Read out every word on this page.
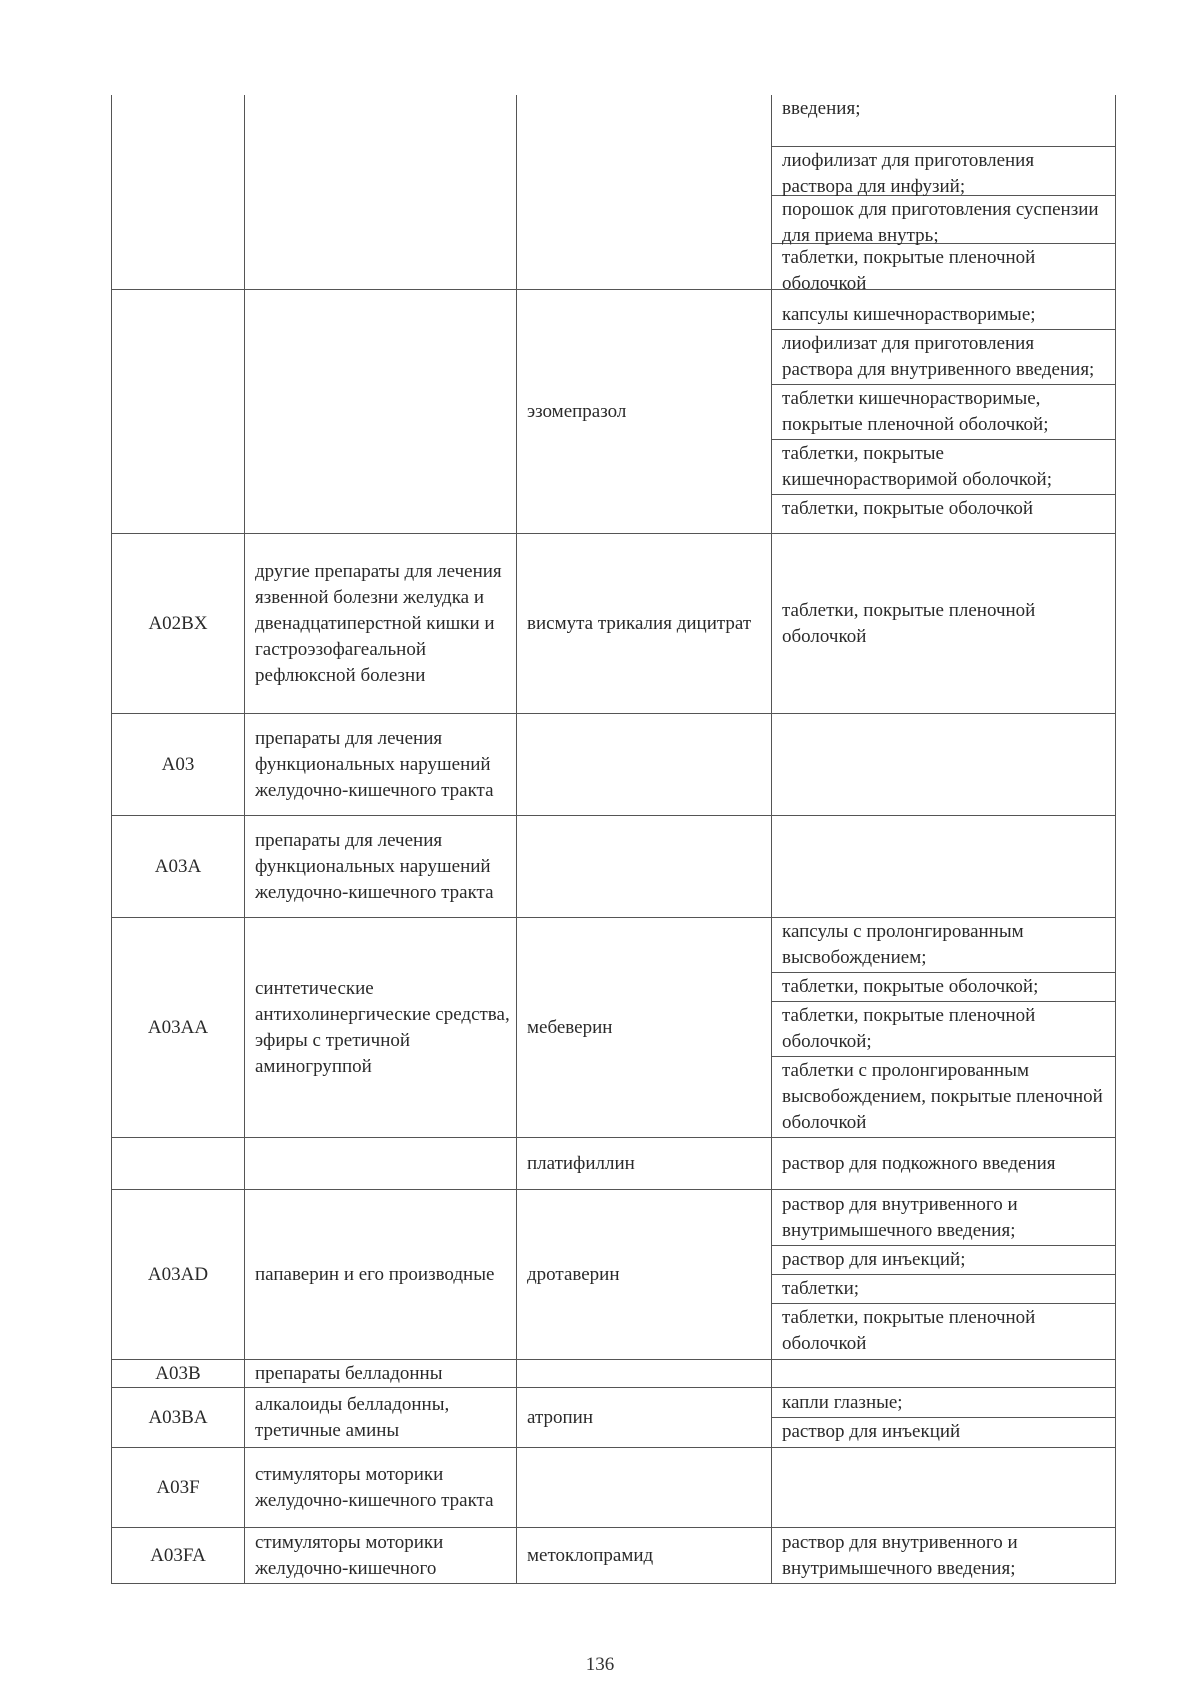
			введения;
лиофилизат для приготовления раствора для инфузий;
порошок для приготовления суспензии для приема внутрь;
таблетки, покрытые пленочной оболочкой

		эзомепразол	капсулы кишечнорастворимые;
лиофилизат для приготовления раствора для внутривенного введения;
таблетки кишечнорастворимые, покрытые пленочной оболочкой;
таблетки, покрытые кишечнорастворимой оболочкой;
таблетки, покрытые оболочкой

A02BX	другие препараты для лечения язвенной болезни желудка и двенадцатиперстной кишки и гастроэзофагеальной рефлюксной болезни	висмута трикалия дицитрат	таблетки, покрытые пленочной оболочкой

A03	препараты для лечения функциональных нарушений желудочно-кишечного тракта		
A03A	препараты для лечения функциональных нарушений желудочно-кишечного тракта		
A03AA	синтетические антихолинергические средства, эфиры с третичной аминогруппой	мебеверин	капсулы с пролонгированным высвобождением;
таблетки, покрытые оболочкой;
таблетки, покрытые пленочной оболочкой;
таблетки с пролонгированным высвобождением, покрытые пленочной оболочкой

		платифиллин	раствор для подкожного введения

A03AD	папаверин и его производные	дротаверин	раствор для внутривенного и внутримышечного введения;
раствор для инъекций;
таблетки;
таблетки, покрытые пленочной оболочкой

A03B	препараты белладонны		
A03BA	алкалоиды белладонны, третичные амины	атропин	капли глазные;
раствор для инъекций

A03F	стимуляторы моторики желудочно-кишечного тракта		
A03FA	стимуляторы моторики желудочно-кишечного	метоклопрамид	раствор для внутривенного и внутримышечного введения;
136
